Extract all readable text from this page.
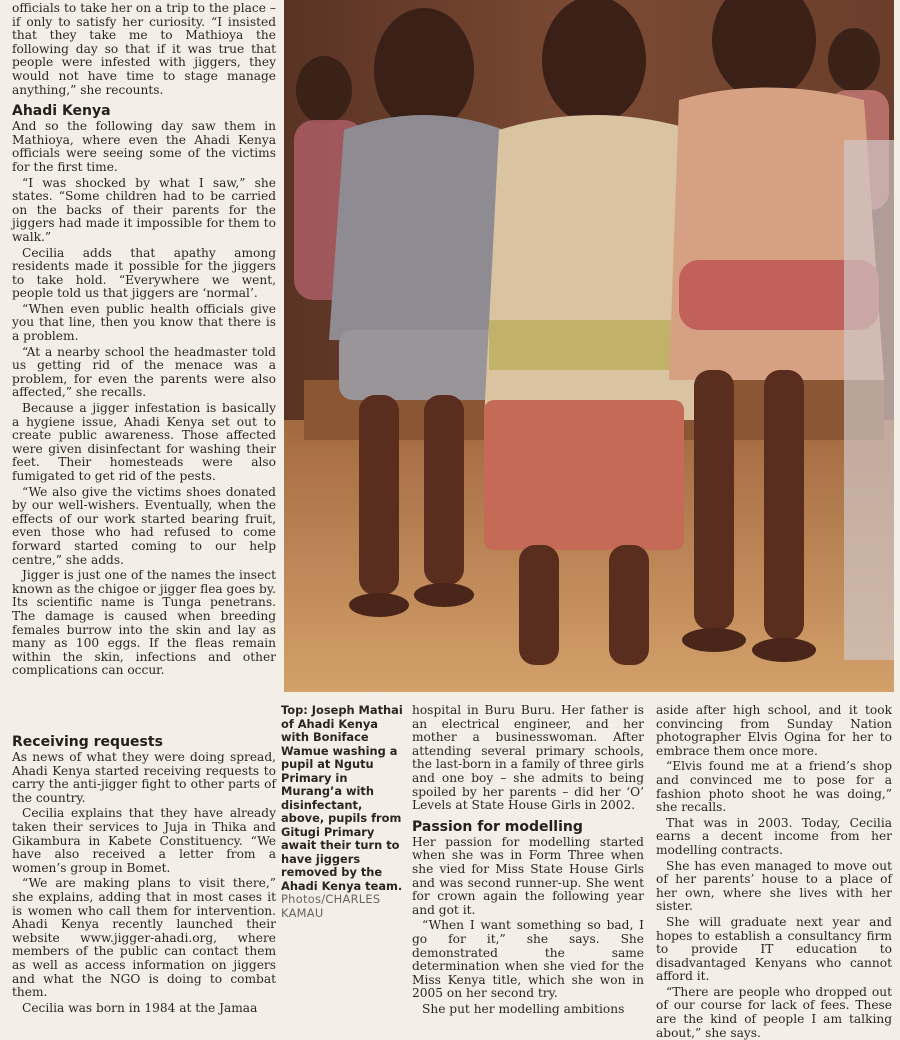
officials to take her on a trip to the place – if only to satisfy her curiosity. “I insisted that they take me to Mathioya the following day so that if it was true that people were infested with jiggers, they would not have time to stage manage anything,” she recounts.

Ahadi Kenya

And so the following day saw them in Mathioya, where even the Ahadi Kenya officials were seeing some of the victims for the first time.

“I was shocked by what I saw,” she states. “Some children had to be carried on the backs of their parents for the jiggers had made it impossible for them to walk.”

Cecilia adds that apathy among residents made it possible for the jiggers to take hold. “Everywhere we went, people told us that jiggers are ‘normal’.

“When even public health officials give you that line, then you know that there is a problem.

“At a nearby school the headmaster told us getting rid of the menace was a problem, for even the parents were also affected,” she recalls.

Because a jigger infestation is basically a hygiene issue, Ahadi Kenya set out to create public awareness. Those affected were given disinfectant for washing their feet. Their homesteads were also fumigated to get rid of the pests.

“We also give the victims shoes donated by our well-wishers. Eventually, when the effects of our work started bearing fruit, even those who had refused to come forward started coming to our help centre,” she adds.

Jigger is just one of the names the insect known as the chigoe or jigger flea goes by. Its scientific name is Tunga penetrans. The damage is caused when breeding females burrow into the skin and lay as many as 100 eggs. If the fleas remain within the skin, infections and other complications can occur.

Receiving requests

As news of what they were doing spread, Ahadi Kenya started receiving requests to carry the anti-jigger fight to other parts of the country.

Cecilia explains that they have already taken their services to Juja in Thika and Gikambura in Kabete Constituency. “We have also received a letter from a women’s group in Bomet.

“We are making plans to visit there,” she explains, adding that in most cases it is women who call them for intervention. Ahadi Kenya recently launched their website www.jigger-ahadi.org, where members of the public can contact them as well as access information on jiggers and what the NGO is doing to combat them.

Cecilia was born in 1984 at the Jamaa

Top: Joseph Mathai of Ahadi Kenya with Boniface Wamue washing a pupil at Ngutu Primary in Murang’a with disinfectant, above, pupils from Gitugi Primary await their turn to have jiggers removed by the Ahadi Kenya team. Photos/CHARLES KAMAU

hospital in Buru Buru. Her father is an electrical engineer, and her mother a businesswoman. After attending several primary schools, the last-born in a family of three girls and one boy – she admits to being spoiled by her parents – did her ‘O’ Levels at State House Girls in 2002.

Passion for modelling

Her passion for modelling started when she was in Form Three when she vied for Miss State House Girls and was second runner-up. She went for crown again the following year and got it.

“When I want something so bad, I go for it,” she says. She demonstrated the same determination when she vied for the Miss Kenya title, which she won in 2005 on her second try.

She put her modelling ambitions

aside after high school, and it took convincing from Sunday Nation photographer Elvis Ogina for her to embrace them once more.

“Elvis found me at a friend’s shop and convinced me to pose for a fashion photo shoot he was doing,” she recalls.

That was in 2003. Today, Cecilia earns a decent income from her modelling contracts.

She has even managed to move out of her parents’ house to a place of her own, where she lives with her sister.

She will graduate next year and hopes to establish a consultancy firm to provide IT education to disadvantaged Kenyans who cannot afford it.

“There are people who dropped out of our course for lack of fees. These are the kind of people I am talking about,” she says.
